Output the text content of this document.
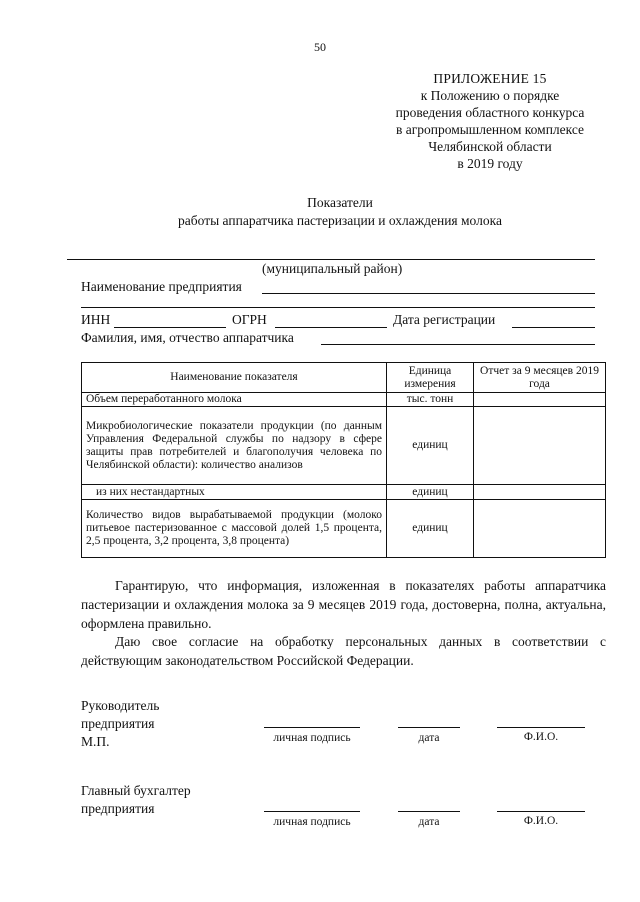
50
ПРИЛОЖЕНИЕ 15
к Положению о порядке
проведения областного конкурса
в агропромышленном комплексе
Челябинской области
в 2019 году
Показатели
работы аппаратчика пастеризации и охлаждения молока
(муниципальный район)
Наименование предприятия
ИНН	ОГРН	Дата регистрации
Фамилия, имя, отчество аппаратчика
Наименование показателя	Единица измерения	Отчет за 9 месяцев 2019 года
Объем переработанного молока	тыс. тонн	
Микробиологические показатели продукции (по данным Управления Федеральной службы по надзору в сфере защиты прав потребителей и благополучия человека по Челябинской области): количество анализов	единиц	
из них нестандартных	единиц	
Количество видов вырабатываемой продукции (молоко питьевое пастеризованное с массовой долей 1,5 процента, 2,5 процента, 3,2 процента, 3,8 процента)	единиц	
Гарантирую, что информация, изложенная в показателях работы аппаратчика пастеризации и охлаждения молока за 9 месяцев 2019 года, достоверна, полна, актуальна, оформлена правильно.
Даю свое согласие на обработку персональных данных в соответствии с действующим законодательством Российской Федерации.
Руководитель
предприятия
М.П.	личная подпись	дата	Ф.И.О.
Главный бухгалтер
предприятия
личная подпись	дата	Ф.И.О.
